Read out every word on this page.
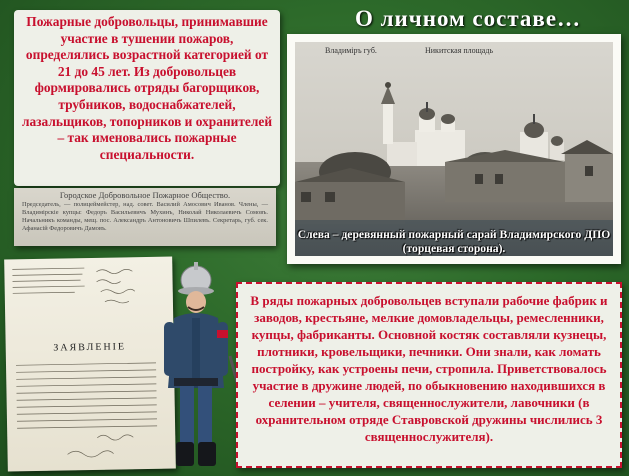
О личном составе…
Пожарные добровольцы, принимавшие участие в тушении пожаров, определялись возрастной категорией от 21 до 45 лет. Из добровольцев формировались отряды багорщиков, трубников, водоснабжателей, лазальщиков, топорников и охранителей – так именовались пожарные специальности.
Городское Добровольное Пожарное Общество.
Председатель, — полицеймейстер, над. совет. Василий Амосович Иванов. Члены, — Владимірскіе купцы: Федоръ Васильевичъ Мухинъ, Николай Николаевичъ Сомовъ. Начальникъ команды, мещ. пос. Александръ Антоновичъ Шпилевъ. Секретарь, губ. сек. Афанасій Федоровичъ Дамовъ.
Владимiръ губ.	Никитская площадь
Слева – деревянный пожарный сарай Владимирского ДПО (торцевая сторона).
ЗАЯВЛЕНІЕ
В ряды пожарных добровольцев вступали рабочие фабрик и заводов, крестьяне, мелкие домовладельцы, ремесленники, купцы, фабриканты. Основной костяк составляли кузнецы, плотники, кровельщики, печники. Они знали, как ломать постройку, как устроены печи, стропила. Приветствовалось участие в дружине людей, по обыкновению находившихся в селении – учителя, священнослужители, лавочники (в охранительном отряде Ставровской дружины числились 3 священнослужителя).
